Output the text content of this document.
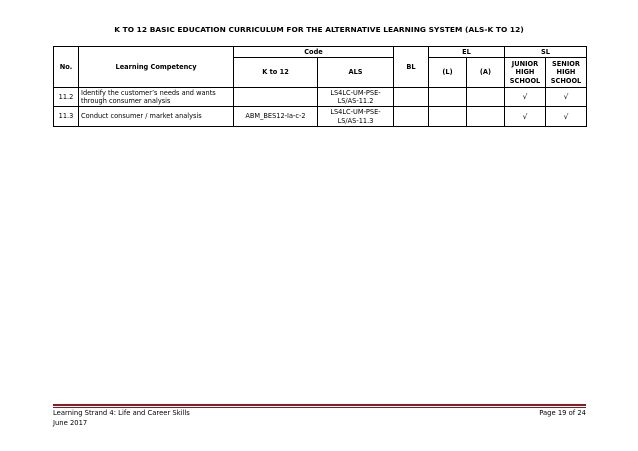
K TO 12 BASIC EDUCATION CURRICULUM FOR THE ALTERNATIVE LEARNING SYSTEM (ALS-K TO 12)
No.	Learning Competency	Code		BL	EL		SL	
		K to 12	ALS		(L)	(A)	JUNIOR HIGH SCHOOL	SENIOR HIGH SCHOOL
11.2	Identify the customer’s needs and wants through consumer analysis		LS4LC-UM-PSE-LS/AS-11.2				√	√
11.3	Conduct consumer / market analysis	ABM_BES12-Ia-c-2	LS4LC-UM-PSE-LS/AS-11.3				√	√
Learning Strand 4: Life and Career Skills
June 2017
Page 19 of 24
